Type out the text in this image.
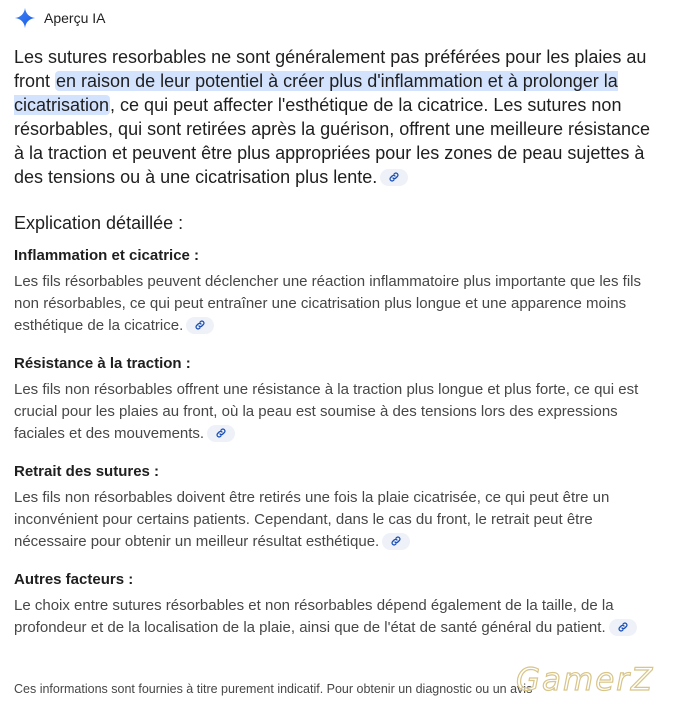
Aperçu IA

Les sutures resorbables ne sont généralement pas préférées pour les plaies au front en raison de leur potentiel à créer plus d'inflammation et à prolonger la cicatrisation, ce qui peut affecter l'esthétique de la cicatrice. Les sutures non résorbables, qui sont retirées après la guérison, offrent une meilleure résistance à la traction et peuvent être plus appropriées pour les zones de peau sujettes à des tensions ou à une cicatrisation plus lente.

Explication détaillée :
Inflammation et cicatrice :

Les fils résorbables peuvent déclencher une réaction inflammatoire plus importante que les fils non résorbables, ce qui peut entraîner une cicatrisation plus longue et une apparence moins esthétique de la cicatrice.

Résistance à la traction :

Les fils non résorbables offrent une résistance à la traction plus longue et plus forte, ce qui est crucial pour les plaies au front, où la peau est soumise à des tensions lors des expressions faciales et des mouvements.

Retrait des sutures :

Les fils non résorbables doivent être retirés une fois la plaie cicatrisée, ce qui peut être un inconvénient pour certains patients. Cependant, dans le cas du front, le retrait peut être nécessaire pour obtenir un meilleur résultat esthétique.

Autres facteurs :

Le choix entre sutures résorbables et non résorbables dépend également de la taille, de la profondeur et de la localisation de la plaie, ainsi que de l'état de santé général du patient.

Ces informations sont fournies à titre purement indicatif. Pour obtenir un diagnostic ou un avis

GamerZ
